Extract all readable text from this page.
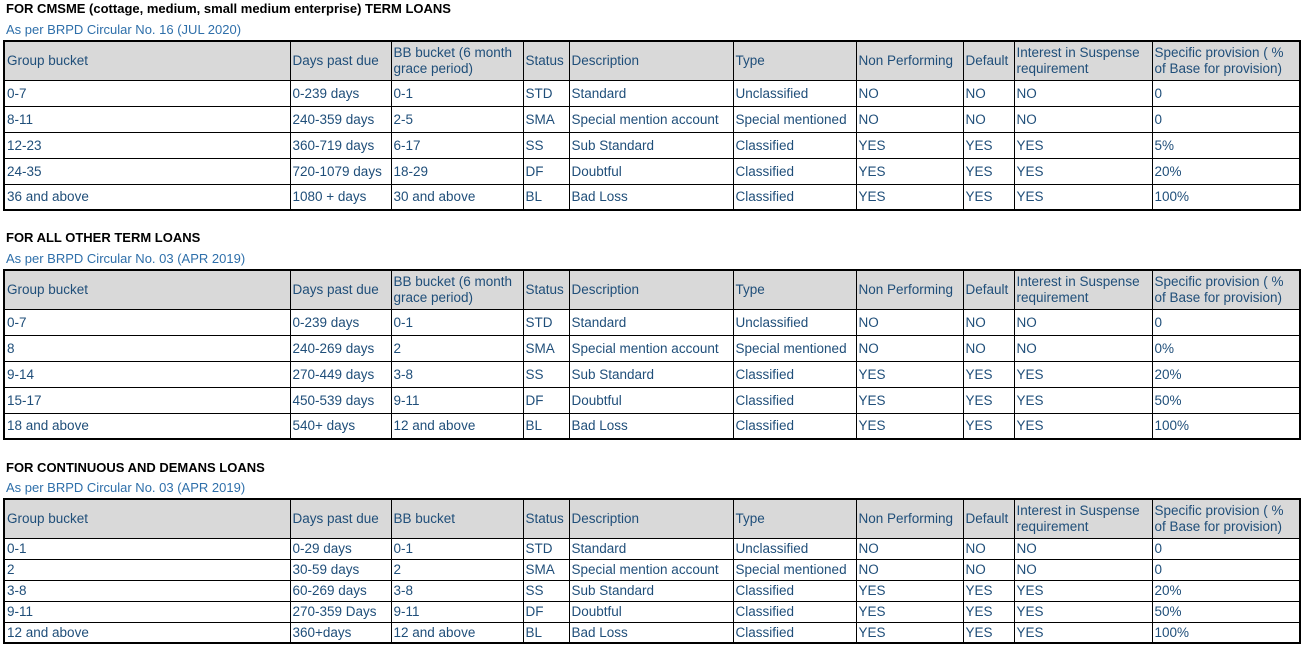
FOR CMSME (cottage, medium, small medium enterprise) TERM LOANS
As per BRPD Circular No. 16 (JUL 2020)
Group bucket	Days past due	BB bucket (6 month grace period)	Status	Description	Type	Non Performing	Default	Interest in Suspense requirement	Specific provision ( % of Base for provision)
0-7	0-239 days	0-1	STD	Standard	Unclassified	NO	NO	NO	0
8-11	240-359 days	2-5	SMA	Special mention account	Special mentioned	NO	NO	NO	0
12-23	360-719 days	6-17	SS	Sub Standard	Classified	YES	YES	YES	5%
24-35	720-1079 days	18-29	DF	Doubtful	Classified	YES	YES	YES	20%
36 and above	1080 + days	30 and above	BL	Bad Loss	Classified	YES	YES	YES	100%
FOR ALL OTHER TERM LOANS
As per BRPD Circular No. 03 (APR 2019)
Group bucket	Days past due	BB bucket (6 month grace period)	Status	Description	Type	Non Performing	Default	Interest in Suspense requirement	Specific provision ( % of Base for provision)
0-7	0-239 days	0-1	STD	Standard	Unclassified	NO	NO	NO	0
8	240-269 days	2	SMA	Special mention account	Special mentioned	NO	NO	NO	0%
9-14	270-449 days	3-8	SS	Sub Standard	Classified	YES	YES	YES	20%
15-17	450-539 days	9-11	DF	Doubtful	Classified	YES	YES	YES	50%
18 and above	540+ days	12 and above	BL	Bad Loss	Classified	YES	YES	YES	100%
FOR CONTINUOUS AND DEMANS LOANS
As per BRPD Circular No. 03 (APR 2019)
Group bucket	Days past due	BB bucket	Status	Description	Type	Non Performing	Default	Interest in Suspense requirement	Specific provision ( % of Base for provision)
0-1	0-29 days	0-1	STD	Standard	Unclassified	NO	NO	NO	0
2	30-59 days	2	SMA	Special mention account	Special mentioned	NO	NO	NO	0
3-8	60-269 days	3-8	SS	Sub Standard	Classified	YES	YES	YES	20%
9-11	270-359 Days	9-11	DF	Doubtful	Classified	YES	YES	YES	50%
12 and above	360+days	12 and above	BL	Bad Loss	Classified	YES	YES	YES	100%
